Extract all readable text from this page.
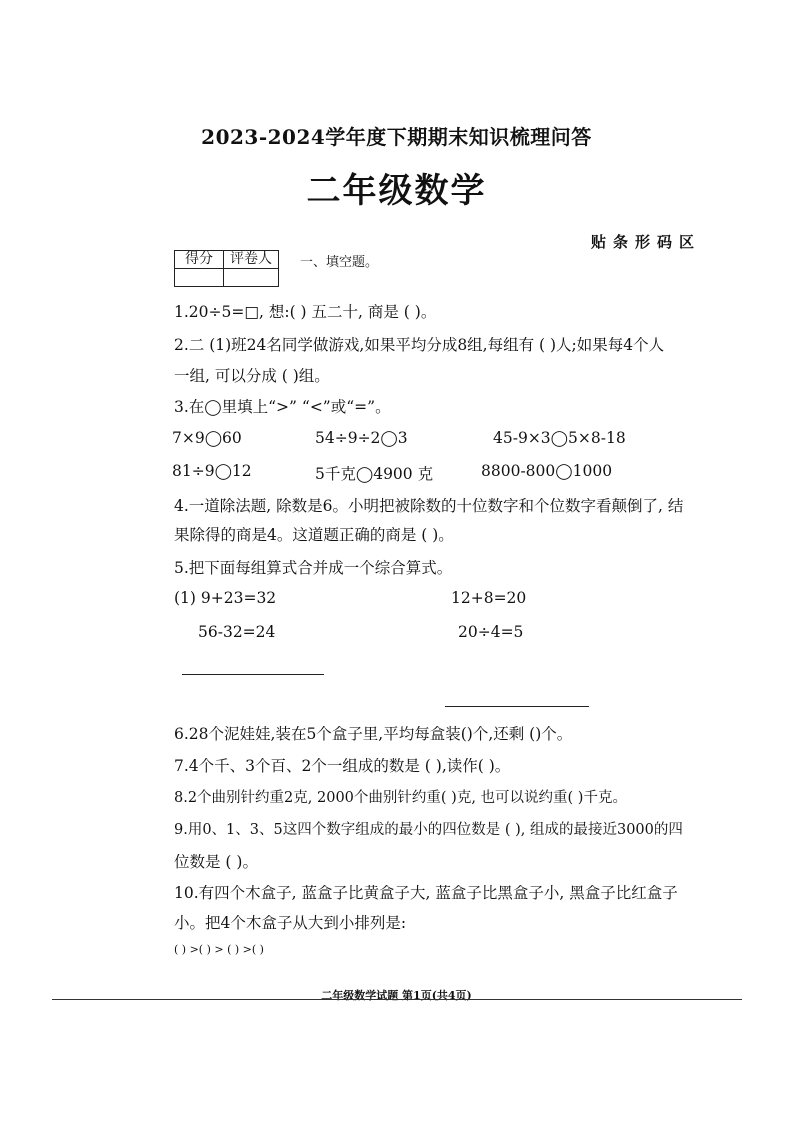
2023-2024学年度下期期末知识梳理问答
二年级数学
贴条形码区
得分	评卷人
	一、填空题。
1.20÷5=□, 想:( ) 五二十, 商是 ( )。
2.二 (1)班24名同学做游戏,如果平均分成8组,每组有 ( )人;如果每4个人
一组, 可以分成 ( )组。
3.在◯里填上“>” “<”或“=”。
7×9◯60	54÷9÷2◯3	45-9×3◯5×8-18
81÷9◯12	5千克◯4900 克	8800-800◯1000
4.一道除法题, 除数是6。小明把被除数的十位数字和个位数字看颠倒了, 结
果除得的商是4。这道题正确的商是 ( )。
5.把下面每组算式合并成一个综合算式。
(1) 9+23=32	12+8=20
56-32=24	20÷4=5
6.28个泥娃娃,装在5个盒子里,平均每盒装()个,还剩 ()个。
7.4个千、3个百、2个一组成的数是 ( ),读作( )。
8.2个曲别针约重2克, 2000个曲别针约重( )克, 也可以说约重( )千克。
9.用0、1、3、5这四个数字组成的最小的四位数是 ( ), 组成的最接近3000的四
位数是 ( )。
10.有四个木盒子, 蓝盒子比黄盒子大, 蓝盒子比黑盒子小, 黑盒子比红盒子
小。把4个木盒子从大到小排列是:
( ) >( ) > ( ) >( )
二年级数学试题 第1页(共4页)
